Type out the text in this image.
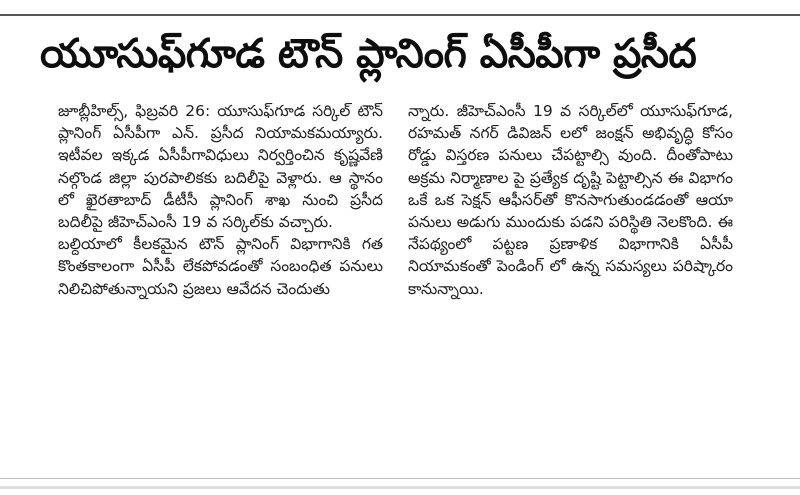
యూసుఫ్‌గూడ టౌన్ ప్లానింగ్ ఏసీపీగా ప్రసీద

జూబ్లీహిల్స్, ఫిబ్రవరి 26: యూసుఫ్‌గూడ సర్కిల్ టౌన్ ప్లానింగ్ ఏసీపీగా ఎన్. ప్రసీద నియామకమయ్యారు. ఇటీవల ఇక్కడ ఏసీపీగావిధులు నిర్వర్తించిన కృష్ణవేణి నల్గొండ జిల్లా పురపాలికకు బదిలీపై వెళ్లారు. ఆ స్థానం లో ఖైరతాబాద్ డీటీసీ ప్లానింగ్ శాఖ నుంచి ప్రసీద బదిలీపై జీహెచ్ఎంసీ 19 వ సర్కిల్‌కు వచ్చారు.

బల్దియాలో కీలకమైన టౌన్ ప్లానింగ్ విభాగానికి గత కొంతకాలంగా ఏసీపీ లేకపోవడంతో సంబంధిత పనులు నిలిచిపోతున్నాయని ప్రజలు ఆవేదన చెందుతు

న్నారు. జీహెచ్ఎంసీ 19 వ సర్కిల్‌లో యూసుఫ్‌గూడ, రహమత్ నగర్ డివిజన్ లలో జంక్షన్ అభివృద్ధి కోసం రోడ్డు విస్తరణ పనులు చేపట్టాల్సి వుంది. దీంతోపాటు అక్రమ నిర్మాణాల పై ప్రత్యేక దృష్టి పెట్టాల్సిన ఈ విభాగం ఒకే ఒక సెక్షన్ ఆఫీసర్‌తో కొనసాగుతుండడంతో ఆయా పనులు అడుగు ముందుకు పడని పరిస్థితి నెలకొంది. ఈ నేపథ్యంలో పట్టణ ప్రణాళిక విభాగానికి ఏసీపీ నియామకంతో పెండింగ్ లో ఉన్న సమస్యలు పరిష్కారం కానున్నాయి.
